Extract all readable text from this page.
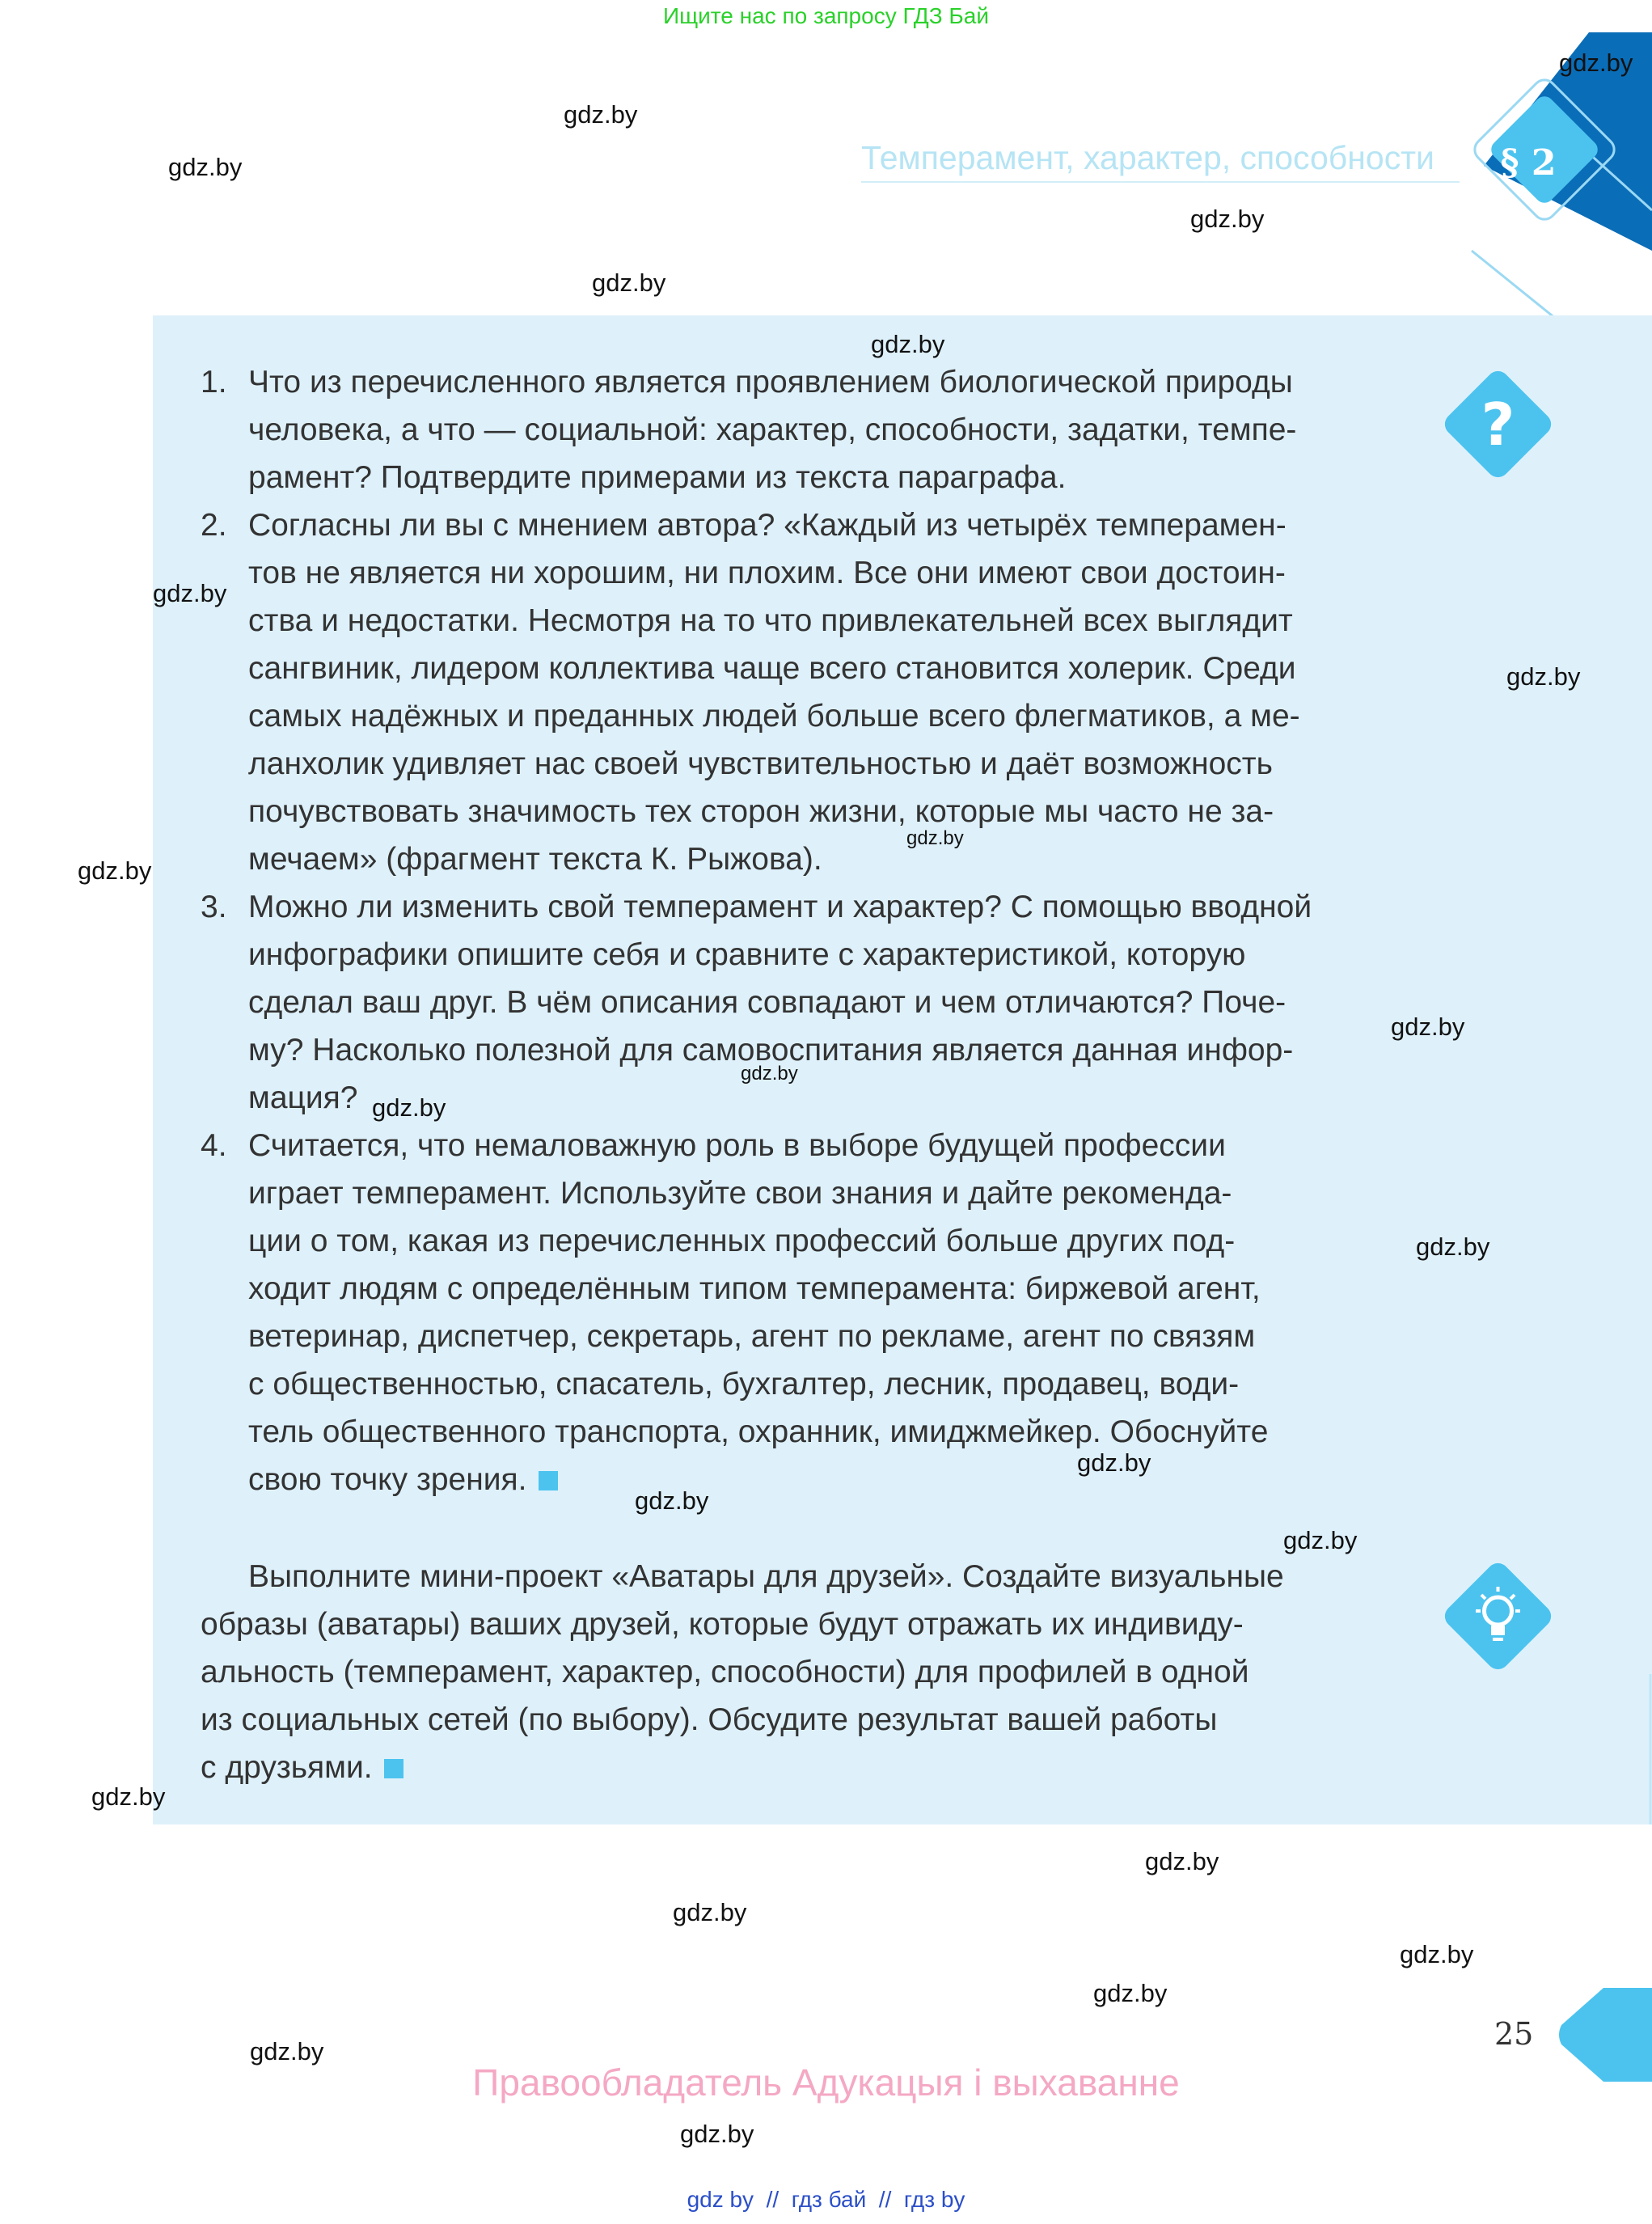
Ищите нас по запросу ГДЗ Бай
§ 2
Темперамент, характер, способности
?
1. Что из перечисленного является проявлением биологической природы
человека, а что — социальной: характер, способности, задатки, темпе-
рамент? Подтвердите примерами из текста параграфа.
2. Согласны ли вы с мнением автора? «Каждый из четырёх темперамен-
тов не является ни хорошим, ни плохим. Все они имеют свои достоин-
ства и недостатки. Несмотря на то что привлекательней всех выглядит
сангвиник, лидером коллектива чаще всего становится холерик. Среди
самых надёжных и преданных людей больше всего флегматиков, а ме-
ланхолик удивляет нас своей чувствительностью и даёт возможность
почувствовать значимость тех сторон жизни, которые мы часто не за-
мечаем» (фрагмент текста К. Рыжова).
3. Можно ли изменить свой темперамент и характер? С помощью вводной
инфографики опишите себя и сравните с характеристикой, которую
сделал ваш друг. В чём описания совпадают и чем отличаются? Поче-
му? Насколько полезной для самовоспитания является данная инфор-
мация?
4. Считается, что немаловажную роль в выборе будущей профессии
играет темперамент. Используйте свои знания и дайте рекоменда-
ции о том, какая из перечисленных профессий больше других под-
ходит людям с определённым типом темперамента: биржевой агент,
ветеринар, диспетчер, секретарь, агент по рекламе, агент по связям
с общественностью, спасатель, бухгалтер, лесник, продавец, води-
тель общественного транспорта, охранник, имиджмейкер. Обоснуйте
свою точку зрения.
Выполните мини-проект «Аватары для друзей». Создайте визуальные
образы (аватары) ваших друзей, которые будут отражать их индивиду-
альность (темперамент, характер, способности) для профилей в одной
из социальных сетей (по выбору). Обсудите результат вашей работы
с друзьями.
25
gdz.by
gdz.by
gdz.by
gdz.by
gdz.by
gdz.by
gdz.by
gdz.by
gdz.by
gdz.by
gdz.by
gdz.by
gdz.by
gdz.by
gdz.by
gdz.by
gdz.by
gdz.by
gdz.by
gdz.by
gdz.by
gdz.by
gdz.by
gdz.by
Правообладатель Адукацыя і выхаванне
gdz by  //  гдз бай  //  гдз by
